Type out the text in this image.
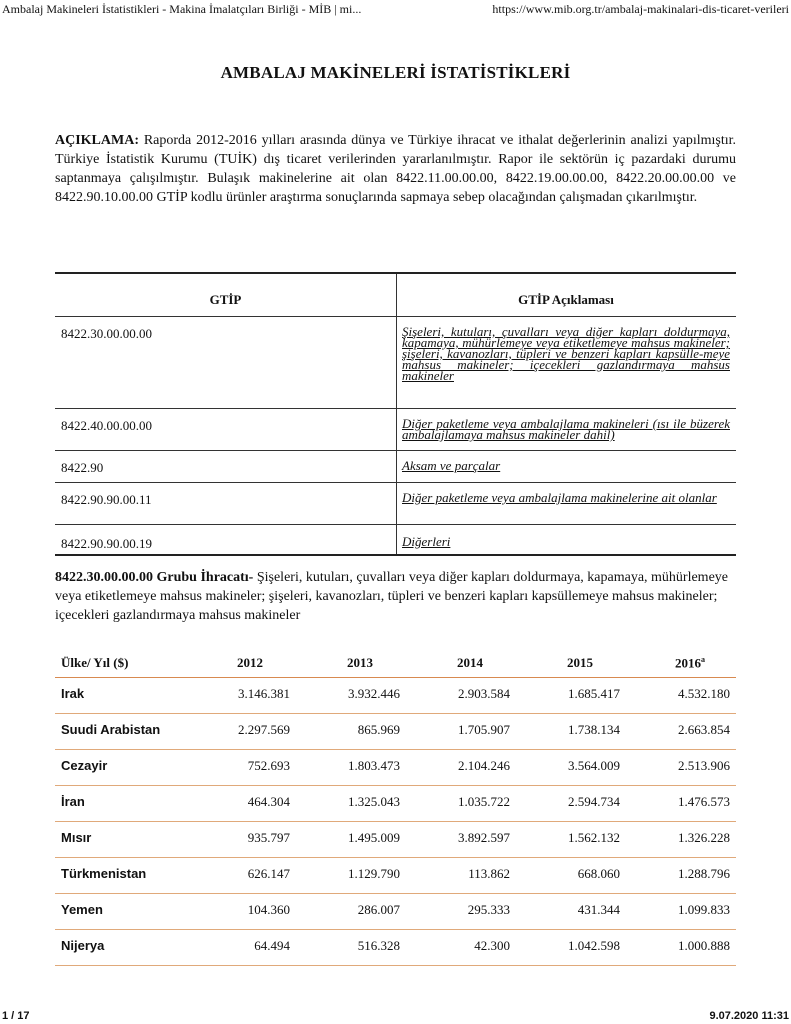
Ambalaj Makineleri İstatistikleri - Makina İmalatçıları Birliği - MİB | mi...	https://www.mib.org.tr/ambalaj-makinalari-dis-ticaret-verileri
AMBALAJ MAKİNELERİ İSTATİSTİKLERİ
AÇIKLAMA: Raporda 2012-2016 yılları arasında dünya ve Türkiye ihracat ve ithalat değerlerinin analizi yapılmıştır. Türkiye İstatistik Kurumu (TUİK) dış ticaret verilerinden yararlanılmıştır. Rapor ile sektörün iç pazardaki durumu saptanmaya çalışılmıştır. Bulaşık makinelerine ait olan 8422.11.00.00.00, 8422.19.00.00.00, 8422.20.00.00.00 ve 8422.90.10.00.00 GTİP kodlu ürünler araştırma sonuçlarında sapmaya sebep olacağından çalışmadan çıkarılmıştır.
GTİP	GTİP Açıklaması
8422.30.00.00.00	Şişeleri, kutuları, çuvalları veya diğer kapları doldurmaya, kapamaya, mühürlemeye veya etiketlemeye mahsus makineler; şişeleri, kavanozları, tüpleri ve benzeri kapları kapsülle-meye mahsus makineler; içecekleri gazlandırmaya mahsus makineler
8422.40.00.00.00	Diğer paketleme veya ambalajlama makineleri (ısı ile büzerek ambalajlamaya mahsus makineler dahil)
8422.90	Aksam ve parçalar
8422.90.90.00.11	Diğer paketleme veya ambalajlama makinelerine ait olanlar
8422.90.90.00.19	Diğerleri
8422.30.00.00.00 Grubu İhracatı- Şişeleri, kutuları, çuvalları veya diğer kapları doldurmaya, kapamaya, mühürlemeye veya etiketlemeye mahsus makineler; şişeleri, kavanozları, tüpleri ve benzeri kapları kapsüllemeye mahsus makineler; içecekleri gazlandırmaya mahsus makineler
Ülke/ Yıl ($)	2012	2013	2014	2015	2016$^a$
Irak	3.146.381	3.932.446	2.903.584	1.685.417	4.532.180
Suudi Arabistan	2.297.569	865.969	1.705.907	1.738.134	2.663.854
Cezayir	752.693	1.803.473	2.104.246	3.564.009	2.513.906
İran	464.304	1.325.043	1.035.722	2.594.734	1.476.573
Mısır	935.797	1.495.009	3.892.597	1.562.132	1.326.228
Türkmenistan	626.147	1.129.790	113.862	668.060	1.288.796
Yemen	104.360	286.007	295.333	431.344	1.099.833
Nijerya	64.494	516.328	42.300	1.042.598	1.000.888
1 / 17	9.07.2020 11:31
